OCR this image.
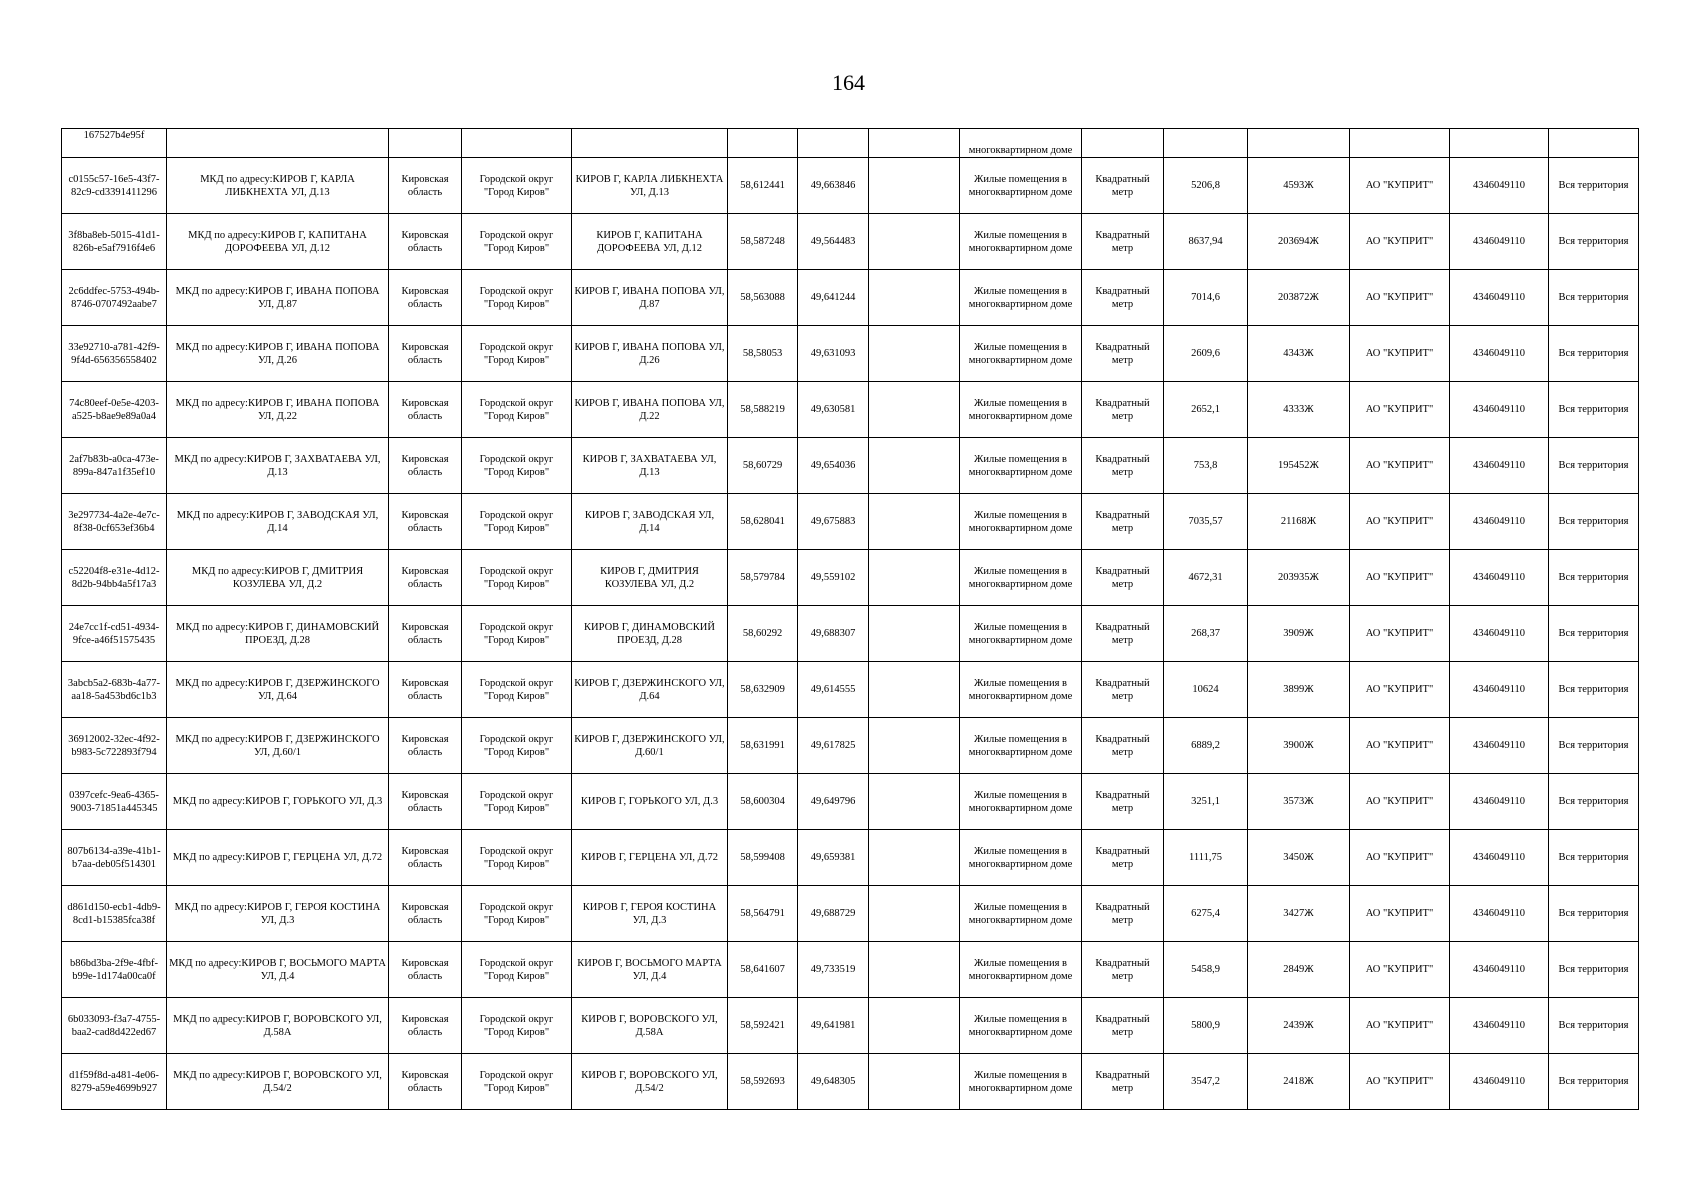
164
167527b4e95f								многоквартирном доме						
c0155c57-16e5-43f7-82c9-cd3391411296	МКД по адресу:КИРОВ Г, КАРЛА ЛИБКНЕХТА УЛ, Д.13	Кировская область	Городской округ "Город Киров"	КИРОВ Г, КАРЛА ЛИБКНЕХТА УЛ, Д.13	58,612441	49,663846		Жилые помещения в многоквартирном доме	Квадратный метр	5206,8	4593Ж	АО "КУПРИТ"	4346049110	Вся территория
3f8ba8eb-5015-41d1-826b-e5af7916f4e6	МКД по адресу:КИРОВ Г, КАПИТАНА ДОРОФЕЕВА УЛ, Д.12	Кировская область	Городской округ "Город Киров"	КИРОВ Г, КАПИТАНА ДОРОФЕЕВА УЛ, Д.12	58,587248	49,564483		Жилые помещения в многоквартирном доме	Квадратный метр	8637,94	203694Ж	АО "КУПРИТ"	4346049110	Вся территория
2c6ddfec-5753-494b-8746-0707492aabe7	МКД по адресу:КИРОВ Г, ИВАНА ПОПОВА УЛ, Д.87	Кировская область	Городской округ "Город Киров"	КИРОВ Г, ИВАНА ПОПОВА УЛ, Д.87	58,563088	49,641244		Жилые помещения в многоквартирном доме	Квадратный метр	7014,6	203872Ж	АО "КУПРИТ"	4346049110	Вся территория
33e92710-a781-42f9-9f4d-656356558402	МКД по адресу:КИРОВ Г, ИВАНА ПОПОВА УЛ, Д.26	Кировская область	Городской округ "Город Киров"	КИРОВ Г, ИВАНА ПОПОВА УЛ, Д.26	58,58053	49,631093		Жилые помещения в многоквартирном доме	Квадратный метр	2609,6	4343Ж	АО "КУПРИТ"	4346049110	Вся территория
74c80eef-0e5e-4203-a525-b8ae9e89a0a4	МКД по адресу:КИРОВ Г, ИВАНА ПОПОВА УЛ, Д.22	Кировская область	Городской округ "Город Киров"	КИРОВ Г, ИВАНА ПОПОВА УЛ, Д.22	58,588219	49,630581		Жилые помещения в многоквартирном доме	Квадратный метр	2652,1	4333Ж	АО "КУПРИТ"	4346049110	Вся территория
2af7b83b-a0ca-473e-899a-847a1f35ef10	МКД по адресу:КИРОВ Г, ЗАХВАТАЕВА УЛ, Д.13	Кировская область	Городской округ "Город Киров"	КИРОВ Г, ЗАХВАТАЕВА УЛ, Д.13	58,60729	49,654036		Жилые помещения в многоквартирном доме	Квадратный метр	753,8	195452Ж	АО "КУПРИТ"	4346049110	Вся территория
3e297734-4a2e-4e7c-8f38-0cf653ef36b4	МКД по адресу:КИРОВ Г, ЗАВОДСКАЯ УЛ, Д.14	Кировская область	Городской округ "Город Киров"	КИРОВ Г, ЗАВОДСКАЯ УЛ, Д.14	58,628041	49,675883		Жилые помещения в многоквартирном доме	Квадратный метр	7035,57	21168Ж	АО "КУПРИТ"	4346049110	Вся территория
c52204f8-e31e-4d12-8d2b-94bb4a5f17a3	МКД по адресу:КИРОВ Г, ДМИТРИЯ КОЗУЛЕВА УЛ, Д.2	Кировская область	Городской округ "Город Киров"	КИРОВ Г, ДМИТРИЯ КОЗУЛЕВА УЛ, Д.2	58,579784	49,559102		Жилые помещения в многоквартирном доме	Квадратный метр	4672,31	203935Ж	АО "КУПРИТ"	4346049110	Вся территория
24e7cc1f-cd51-4934-9fce-a46f51575435	МКД по адресу:КИРОВ Г, ДИНАМОВСКИЙ ПРОЕЗД, Д.28	Кировская область	Городской округ "Город Киров"	КИРОВ Г, ДИНАМОВСКИЙ ПРОЕЗД, Д.28	58,60292	49,688307		Жилые помещения в многоквартирном доме	Квадратный метр	268,37	3909Ж	АО "КУПРИТ"	4346049110	Вся территория
3abcb5a2-683b-4a77-aa18-5a453bd6c1b3	МКД по адресу:КИРОВ Г, ДЗЕРЖИНСКОГО УЛ, Д.64	Кировская область	Городской округ "Город Киров"	КИРОВ Г, ДЗЕРЖИНСКОГО УЛ, Д.64	58,632909	49,614555		Жилые помещения в многоквартирном доме	Квадратный метр	10624	3899Ж	АО "КУПРИТ"	4346049110	Вся территория
36912002-32ec-4f92-b983-5c722893f794	МКД по адресу:КИРОВ Г, ДЗЕРЖИНСКОГО УЛ, Д.60/1	Кировская область	Городской округ "Город Киров"	КИРОВ Г, ДЗЕРЖИНСКОГО УЛ, Д.60/1	58,631991	49,617825		Жилые помещения в многоквартирном доме	Квадратный метр	6889,2	3900Ж	АО "КУПРИТ"	4346049110	Вся территория
0397cefc-9ea6-4365-9003-71851a445345	МКД по адресу:КИРОВ Г, ГОРЬКОГО УЛ, Д.3	Кировская область	Городской округ "Город Киров"	КИРОВ Г, ГОРЬКОГО УЛ, Д.3	58,600304	49,649796		Жилые помещения в многоквартирном доме	Квадратный метр	3251,1	3573Ж	АО "КУПРИТ"	4346049110	Вся территория
807b6134-a39e-41b1-b7aa-deb05f514301	МКД по адресу:КИРОВ Г, ГЕРЦЕНА УЛ, Д.72	Кировская область	Городской округ "Город Киров"	КИРОВ Г, ГЕРЦЕНА УЛ, Д.72	58,599408	49,659381		Жилые помещения в многоквартирном доме	Квадратный метр	1111,75	3450Ж	АО "КУПРИТ"	4346049110	Вся территория
d861d150-ecb1-4db9-8cd1-b15385fca38f	МКД по адресу:КИРОВ Г, ГЕРОЯ КОСТИНА УЛ, Д.3	Кировская область	Городской округ "Город Киров"	КИРОВ Г, ГЕРОЯ КОСТИНА УЛ, Д.3	58,564791	49,688729		Жилые помещения в многоквартирном доме	Квадратный метр	6275,4	3427Ж	АО "КУПРИТ"	4346049110	Вся территория
b86bd3ba-2f9e-4fbf-b99e-1d174a00ca0f	МКД по адресу:КИРОВ Г, ВОСЬМОГО МАРТА УЛ, Д.4	Кировская область	Городской округ "Город Киров"	КИРОВ Г, ВОСЬМОГО МАРТА УЛ, Д.4	58,641607	49,733519		Жилые помещения в многоквартирном доме	Квадратный метр	5458,9	2849Ж	АО "КУПРИТ"	4346049110	Вся территория
6b033093-f3a7-4755-baa2-cad8d422ed67	МКД по адресу:КИРОВ Г, ВОРОВСКОГО УЛ, Д.58А	Кировская область	Городской округ "Город Киров"	КИРОВ Г, ВОРОВСКОГО УЛ, Д.58А	58,592421	49,641981		Жилые помещения в многоквартирном доме	Квадратный метр	5800,9	2439Ж	АО "КУПРИТ"	4346049110	Вся территория
d1f59f8d-a481-4e06-8279-a59e4699b927	МКД по адресу:КИРОВ Г, ВОРОВСКОГО УЛ, Д.54/2	Кировская область	Городской округ "Город Киров"	КИРОВ Г, ВОРОВСКОГО УЛ, Д.54/2	58,592693	49,648305		Жилые помещения в многоквартирном доме	Квадратный метр	3547,2	2418Ж	АО "КУПРИТ"	4346049110	Вся территория
